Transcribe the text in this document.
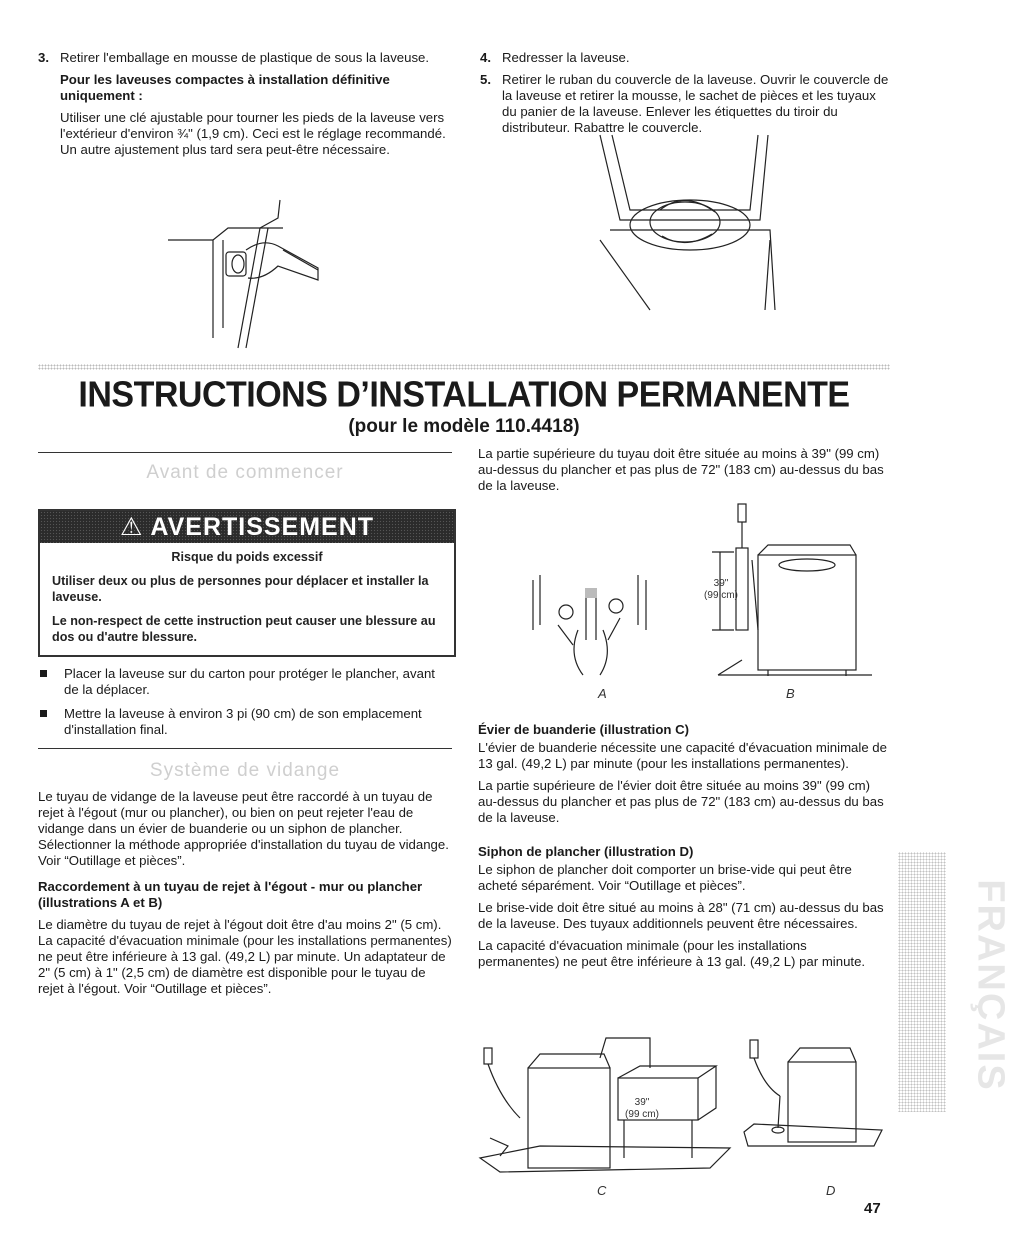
3. Retirer l'emballage en mousse de plastique de sous la laveuse.

Pour les laveuses compactes à installation définitive uniquement :

Utiliser une clé ajustable pour tourner les pieds de la laveuse vers l'extérieur d'environ ¾" (1,9 cm). Ceci est le réglage recommandé. Un autre ajustement plus tard sera peut-être nécessaire.

4. Redresser la laveuse.

5. Retirer le ruban du couvercle de la laveuse. Ouvrir le couvercle de la laveuse et retirer la mousse, le sachet de pièces et les tuyaux du panier de la laveuse. Enlever les étiquettes du tiroir du distributeur. Rabattre le couvercle.

INSTRUCTIONS D’INSTALLATION PERMANENTE
(pour le modèle 110.4418)
Avant de commencer
⚠ AVERTISSEMENT
Risque du poids excessif
Utiliser deux ou plus de personnes pour déplacer et installer la laveuse.
Le non-respect de cette instruction peut causer une blessure au dos ou d'autre blessure.
Placer la laveuse sur du carton pour protéger le plancher, avant de la déplacer.
Mettre la laveuse à environ 3 pi (90 cm) de son emplacement d'installation final.
Système de vidange

Le tuyau de vidange de la laveuse peut être raccordé à un tuyau de rejet à l'égout (mur ou plancher), ou bien on peut rejeter l'eau de vidange dans un évier de buanderie ou un siphon de plancher. Sélectionner la méthode appropriée d'installation du tuyau de vidange. Voir “Outillage et pièces”.

Raccordement à un tuyau de rejet à l'égout - mur ou plancher (illustrations A et B)

Le diamètre du tuyau de rejet à l'égout doit être d'au moins 2" (5 cm). La capacité d'évacuation minimale (pour les installations permanentes) ne peut être inférieure à 13 gal. (49,2 L) par minute. Un adaptateur de 2" (5 cm) à 1" (2,5 cm) de diamètre est disponible pour le tuyau de rejet à l'égout. Voir “Outillage et pièces”.

La partie supérieure du tuyau doit être située au moins à 39" (99 cm) au-dessus du plancher et pas plus de 72" (183 cm) au-dessus du bas de la laveuse.
39"
(99 cm)
A	B

Évier de buanderie (illustration C)

L'évier de buanderie nécessite une capacité d'évacuation minimale de 13 gal. (49,2 L) par minute (pour les installations permanentes).

La partie supérieure de l'évier doit être située au moins 39" (99 cm) au-dessus du plancher et pas plus de 72" (183 cm) au-dessus du bas de la laveuse.

Siphon de plancher (illustration D)

Le siphon de plancher doit comporter un brise-vide qui peut être acheté séparément. Voir “Outillage et pièces”.

Le brise-vide doit être situé au moins à 28" (71 cm) au-dessus du bas de la laveuse. Des tuyaux additionnels peuvent être nécessaires.

La capacité d'évacuation minimale (pour les installations permanentes) ne peut être inférieure à 13 gal. (49,2 L) par minute.

39"
(99 cm)
C	D
FRANÇAIS
47
